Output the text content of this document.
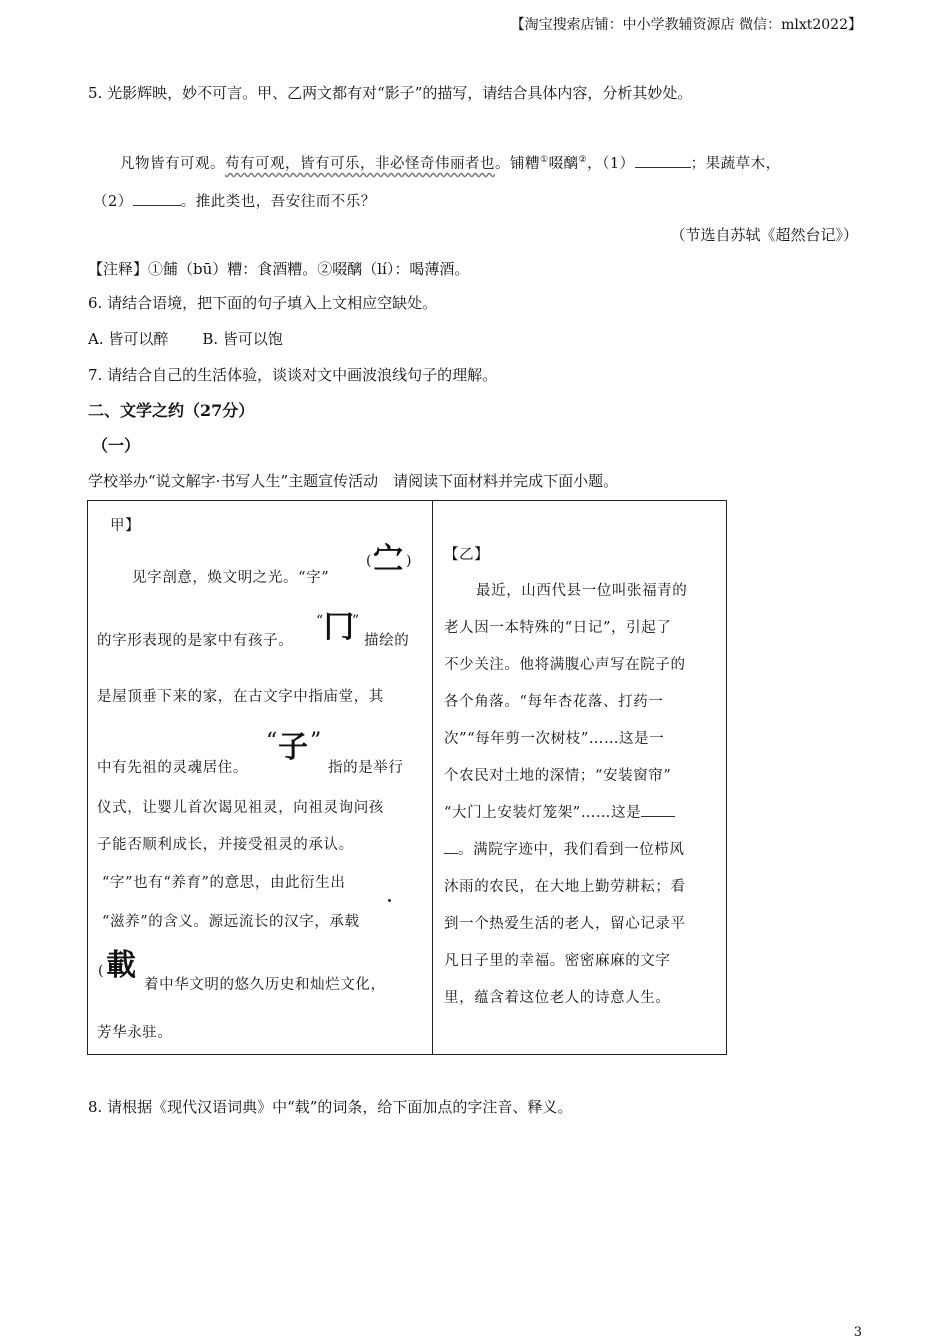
【淘宝搜索店铺：中小学教辅资源店 微信：mlxt2022】
5. 光影辉映，妙不可言。甲、乙两文都有对“影子”的描写，请结合具体内容，分析其妙处。
凡物皆有可观。苟有可观，皆有可乐，非必怪奇伟丽者也。铺糟①啜醨②，（1）	；果蔬草木，
（2）	。推此类也，吾安往而不乐？
（节选自苏轼《超然台记》）
【注释】①餔（bū）糟：食酒糟。②啜醨（lí）：喝薄酒。
6. 请结合语境，把下面的句子填入上文相应空缺处。
A. 皆可以醉 B. 皆可以饱
7. 请结合自己的生活体验，谈谈对文中画波浪线句子的理解。
二、文学之约（27分）
（一）
学校举办“说文解字·书写人生”主题宣传活动　请阅读下面材料并完成下面小题。
甲】
见字剖意，焕文明之光。“字”
( 㝉 )
的字形表现的是家中有孩子。
“ 冂
”
描绘的
是屋顶垂下来的家，在古文字中指庙堂，其
中有先祖的灵魂居住。
“ 子 ”
指的是举行
仪式，让婴儿首次谒见祖灵，向祖灵询问孩
子能否顺利成长，并接受祖灵的承认。
“字”也有“养育”的意思，由此衍生出
“滋养”的含义。源远流长的汉字，承载
( 載
着中华文明的悠久历史和灿烂文化，
芳华永驻。
【乙】
最近，山西代县一位叫张福青的
老人因一本特殊的“日记”，引起了
不少关注。他将满腹心声写在院子的
各个角落。“每年杏花落、打药一
次”“每年剪一次树枝”……这是一
个农民对土地的深情；“安装窗帘”
“大门上安装灯笼架”……这是
。满院字迹中，我们看到一位栉风
沐雨的农民，在大地上勤劳耕耘；看
到一个热爱生活的老人，留心记录平
凡日子里的幸福。密密麻麻的文字
里，蕴含着这位老人的诗意人生。
8. 请根据《现代汉语词典》中“载”的词条，给下面加点的字注音、释义。
3
